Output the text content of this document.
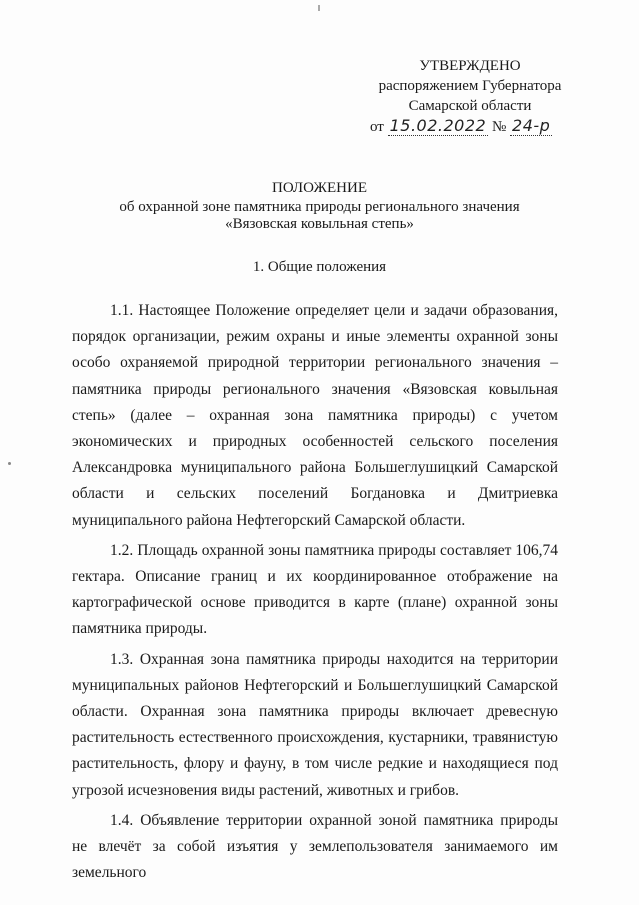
УТВЕРЖДЕНО
распоряжением Губернатора
Самарской области
от 15.02.2022 № 24-р
ПОЛОЖЕНИЕ
об охранной зоне памятника природы регионального значения
«Вязовская ковыльная степь»
1. Общие положения

1.1. Настоящее Положение определяет цели и задачи образования, порядок организации, режим охраны и иные элементы охранной зоны особо охраняемой природной территории регионального значения – памятника природы регионального значения «Вязовская ковыльная степь» (далее – охранная зона памятника природы) с учетом экономических и природных особенностей сельского поселения Александровка муниципального района Большеглушицкий Самарской области и сельских поселений Богдановка и Дмитриевка муниципального района Нефтегорский Самарской области.

1.2. Площадь охранной зоны памятника природы составляет 106,74 гектара. Описание границ и их координированное отображение на картографической основе приводится в карте (плане) охранной зоны памятника природы.

1.3. Охранная зона памятника природы находится на территории муниципальных районов Нефтегорский и Большеглушицкий Самарской области. Охранная зона памятника природы включает древесную растительность естественного происхождения, кустарники, травянистую растительность, флору и фауну, в том числе редкие и находящиеся под угрозой исчезновения виды растений, животных и грибов.

1.4. Объявление территории охранной зоной памятника природы не влечёт за собой изъятия у землепользователя занимаемого им земельного
